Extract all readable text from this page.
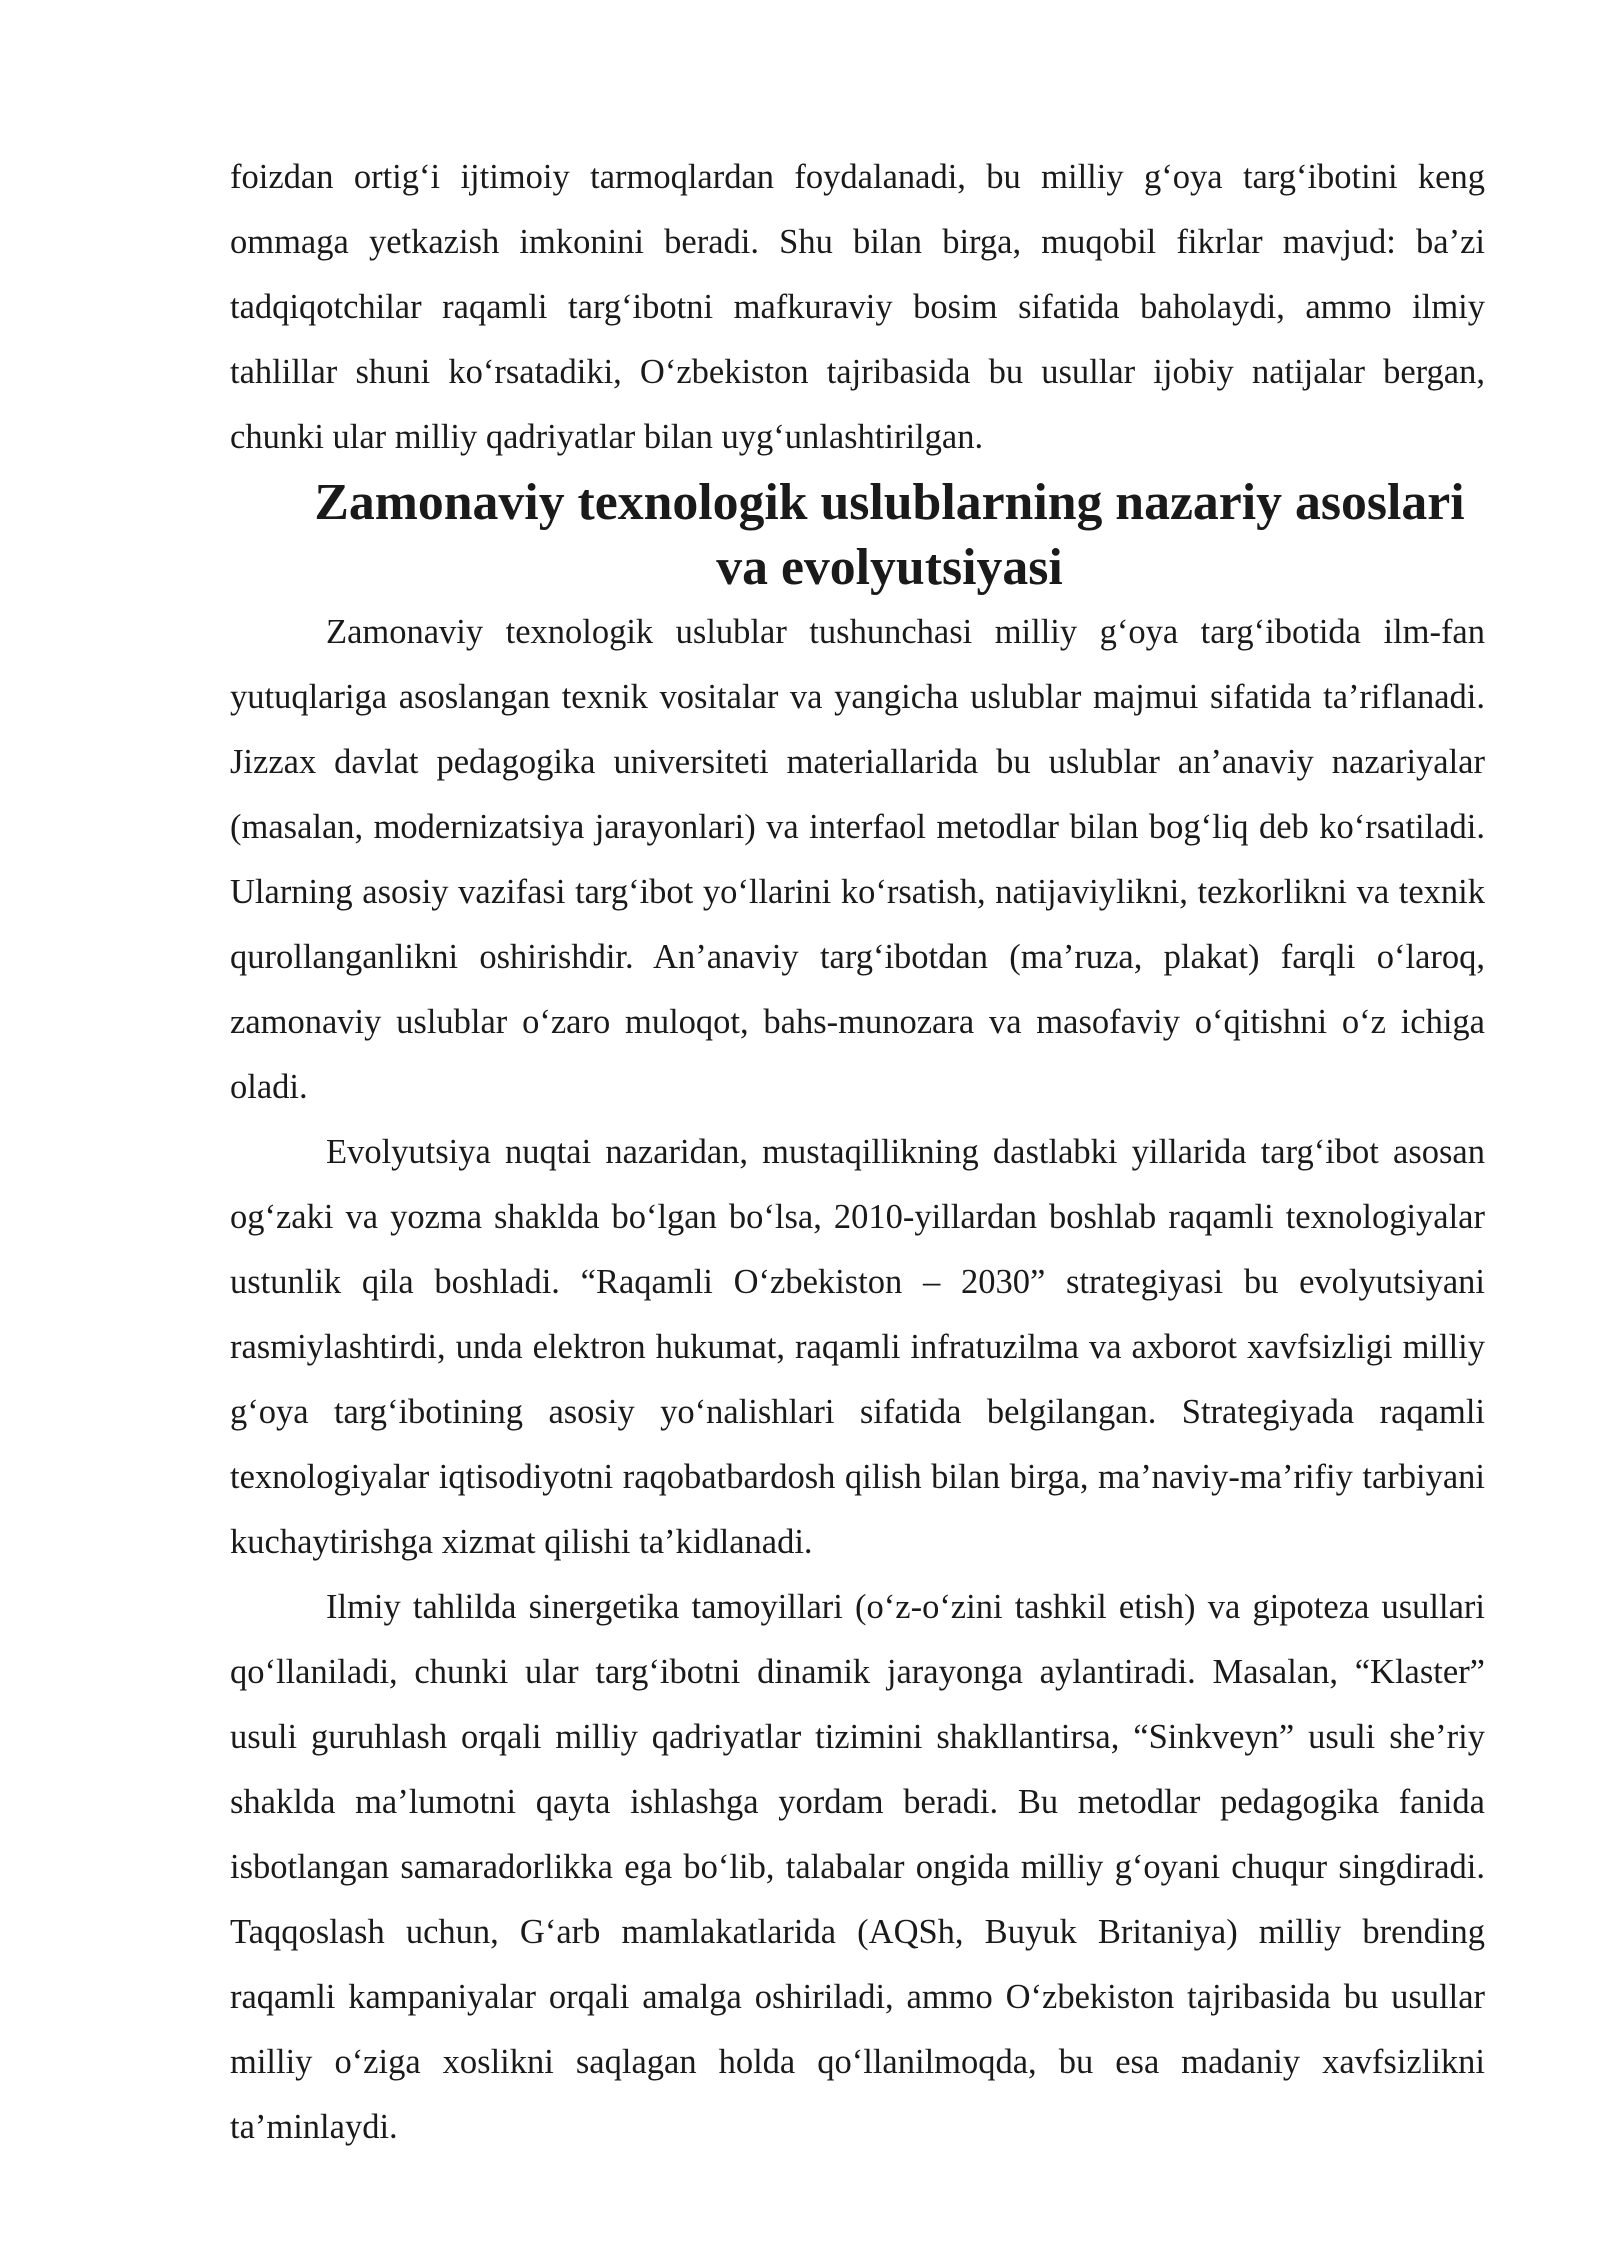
foizdan ortig‘i ijtimoiy tarmoqlardan foydalanadi, bu milliy g‘oya targ‘ibotini keng ommaga yetkazish imkonini beradi. Shu bilan birga, muqobil fikrlar mavjud: ba’zi tadqiqotchilar raqamli targ‘ibotni mafkuraviy bosim sifatida baholaydi, ammo ilmiy tahlillar shuni ko‘rsatadiki, O‘zbekiston tajribasida bu usullar ijobiy natijalar bergan, chunki ular milliy qadriyatlar bilan uyg‘unlashtirilgan.

Zamonaviy texnologik uslublarning nazariy asoslari va evolyutsiyasi

Zamonaviy texnologik uslublar tushunchasi milliy g‘oya targ‘ibotida ilm-fan yutuqlariga asoslangan texnik vositalar va yangicha uslublar majmui sifatida ta’riflanadi. Jizzax davlat pedagogika universiteti materiallarida bu uslublar an’anaviy nazariyalar (masalan, modernizatsiya jarayonlari) va interfaol metodlar bilan bog‘liq deb ko‘rsatiladi. Ularning asosiy vazifasi targ‘ibot yo‘llarini ko‘rsatish, natijaviylikni, tezkorlikni va texnik qurollanganlikni oshirishdir. An’anaviy targ‘ibotdan (ma’ruza, plakat) farqli o‘laroq, zamonaviy uslublar o‘zaro muloqot, bahs-munozara va masofaviy o‘qitishni o‘z ichiga oladi.

Evolyutsiya nuqtai nazaridan, mustaqillikning dastlabki yillarida targ‘ibot asosan og‘zaki va yozma shaklda bo‘lgan bo‘lsa, 2010-yillardan boshlab raqamli texnologiyalar ustunlik qila boshladi. “Raqamli O‘zbekiston – 2030” strategiyasi bu evolyutsiyani rasmiylashtirdi, unda elektron hukumat, raqamli infratuzilma va axborot xavfsizligi milliy g‘oya targ‘ibotining asosiy yo‘nalishlari sifatida belgilangan. Strategiyada raqamli texnologiyalar iqtisodiyotni raqobatbardosh qilish bilan birga, ma’naviy-ma’rifiy tarbiyani kuchaytirishga xizmat qilishi ta’kidlanadi.

Ilmiy tahlilda sinergetika tamoyillari (o‘z-o‘zini tashkil etish) va gipoteza usullari qo‘llaniladi, chunki ular targ‘ibotni dinamik jarayonga aylantiradi. Masalan, “Klaster” usuli guruhlash orqali milliy qadriyatlar tizimini shakllantirsa, “Sinkveyn” usuli she’riy shaklda ma’lumotni qayta ishlashga yordam beradi. Bu metodlar pedagogika fanida isbotlangan samaradorlikka ega bo‘lib, talabalar ongida milliy g‘oyani chuqur singdiradi. Taqqoslash uchun, G‘arb mamlakatlarida (AQSh, Buyuk Britaniya) milliy brending raqamli kampaniyalar orqali amalga oshiriladi, ammo O‘zbekiston tajribasida bu usullar milliy o‘ziga xoslikni saqlagan holda qo‘llanilmoqda, bu esa madaniy xavfsizlikni ta’minlaydi.
